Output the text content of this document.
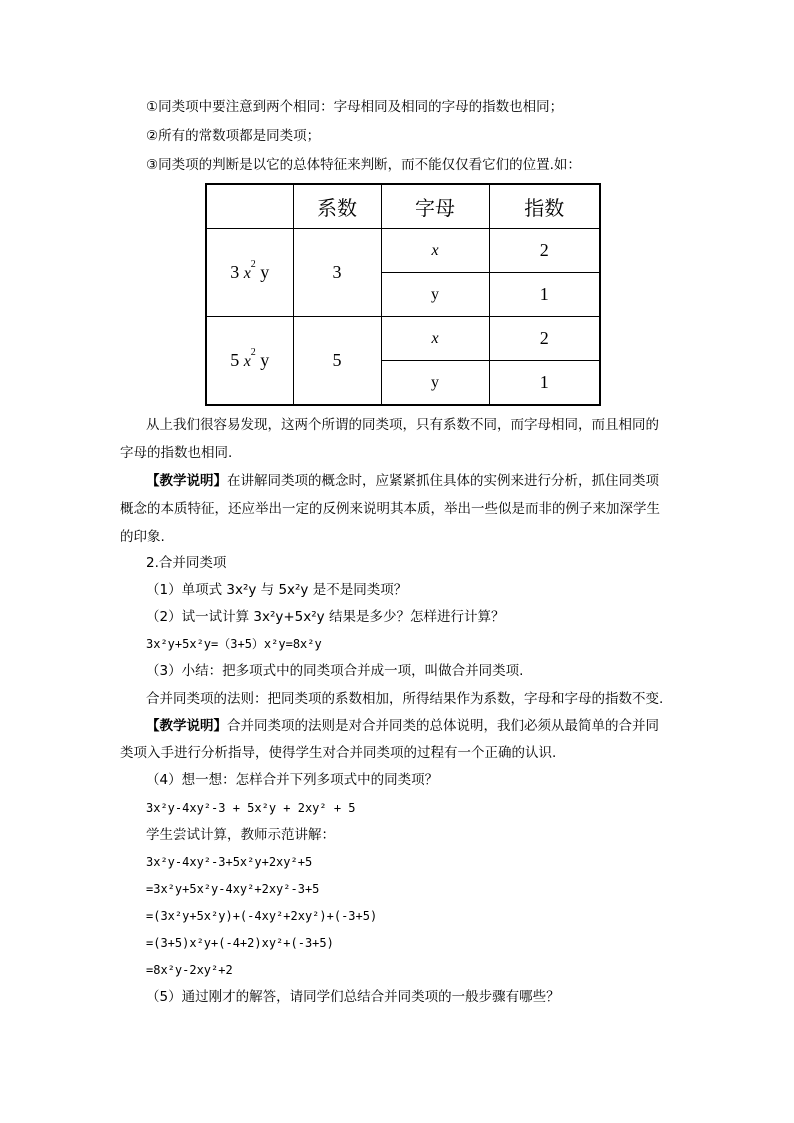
①同类项中要注意到两个相同：字母相同及相同的字母的指数也相同；
②所有的常数项都是同类项；
③同类项的判断是以它的总体特征来判断，而不能仅仅看它们的位置.如：
	系数	字母	指数
3 $x^2$ y	3	x	2
		y	1
5 $x^2$ y	5	x	2
		y	1
从上我们很容易发现，这两个所谓的同类项，只有系数不同，而字母相同，而且相同的
字母的指数也相同.
【教学说明】在讲解同类项的概念时，应紧紧抓住具体的实例来进行分析，抓住同类项
概念的本质特征，还应举出一定的反例来说明其本质，举出一些似是而非的例子来加深学生
的印象.
2.合并同类项
（1）单项式 3x²y 与 5x²y 是不是同类项？
（2）试一试计算 3x²y+5x²y 结果是多少？怎样进行计算？
3x²y+5x²y=（3+5）x²y=8x²y
（3）小结：把多项式中的同类项合并成一项，叫做合并同类项.
合并同类项的法则：把同类项的系数相加，所得结果作为系数，字母和字母的指数不变.
【教学说明】合并同类项的法则是对合并同类的总体说明，我们必须从最简单的合并同
类项入手进行分析指导，使得学生对合并同类项的过程有一个正确的认识.
（4）想一想：怎样合并下列多项式中的同类项？
3x²y-4xy²-3 + 5x²y + 2xy² + 5
学生尝试计算，教师示范讲解：
3x²y-4xy²-3+5x²y+2xy²+5
=3x²y+5x²y-4xy²+2xy²-3+5
=(3x²y+5x²y)+(-4xy²+2xy²)+(-3+5)
=(3+5)x²y+(-4+2)xy²+(-3+5)
=8x²y-2xy²+2
（5）通过刚才的解答，请同学们总结合并同类项的一般步骤有哪些？
